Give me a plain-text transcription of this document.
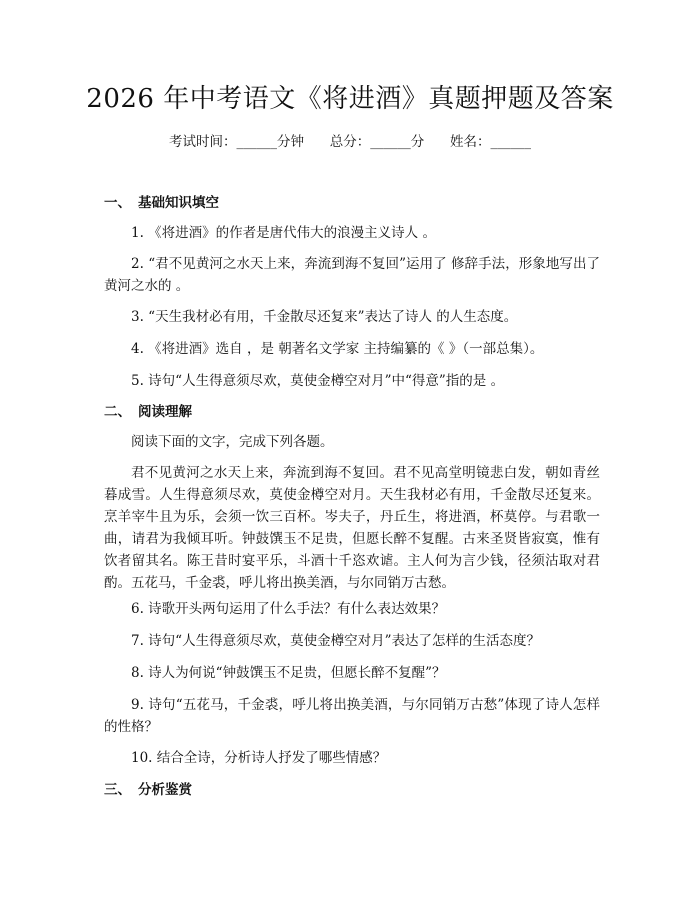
2026 年中考语文《将进酒》真题押题及答案
考试时间：______分钟      总分：______分      姓名：______
一、 基础知识填空
1. 《将进酒》的作者是唐代伟大的浪漫主义诗人 。
2. “君不见黄河之水天上来，奔流到海不复回”运用了 修辞手法，形象地写出了黄河之水的 。
3. “天生我材必有用，千金散尽还复来”表达了诗人 的人生态度。
4. 《将进酒》选自 ，是 朝著名文学家 主持编纂的《 》（一部总集）。
5. 诗句“人生得意须尽欢，莫使金樽空对月”中“得意”指的是 。
二、 阅读理解
阅读下面的文字，完成下列各题。
君不见黄河之水天上来，奔流到海不复回。君不见高堂明镜悲白发，朝如青丝暮成雪。人生得意须尽欢，莫使金樽空对月。天生我材必有用，千金散尽还复来。烹羊宰牛且为乐，会须一饮三百杯。岑夫子，丹丘生，将进酒，杯莫停。与君歌一曲，请君为我倾耳听。钟鼓馔玉不足贵，但愿长醉不复醒。古来圣贤皆寂寞，惟有饮者留其名。陈王昔时宴平乐，斗酒十千恣欢谑。主人何为言少钱，径须沽取对君酌。五花马，千金裘，呼儿将出换美酒，与尔同销万古愁。
6. 诗歌开头两句运用了什么手法？有什么表达效果？
7. 诗句“人生得意须尽欢，莫使金樽空对月”表达了怎样的生活态度？
8. 诗人为何说“钟鼓馔玉不足贵，但愿长醉不复醒”？
9. 诗句“五花马，千金裘，呼儿将出换美酒，与尔同销万古愁”体现了诗人怎样的性格？
10. 结合全诗，分析诗人抒发了哪些情感？
三、 分析鉴赏
